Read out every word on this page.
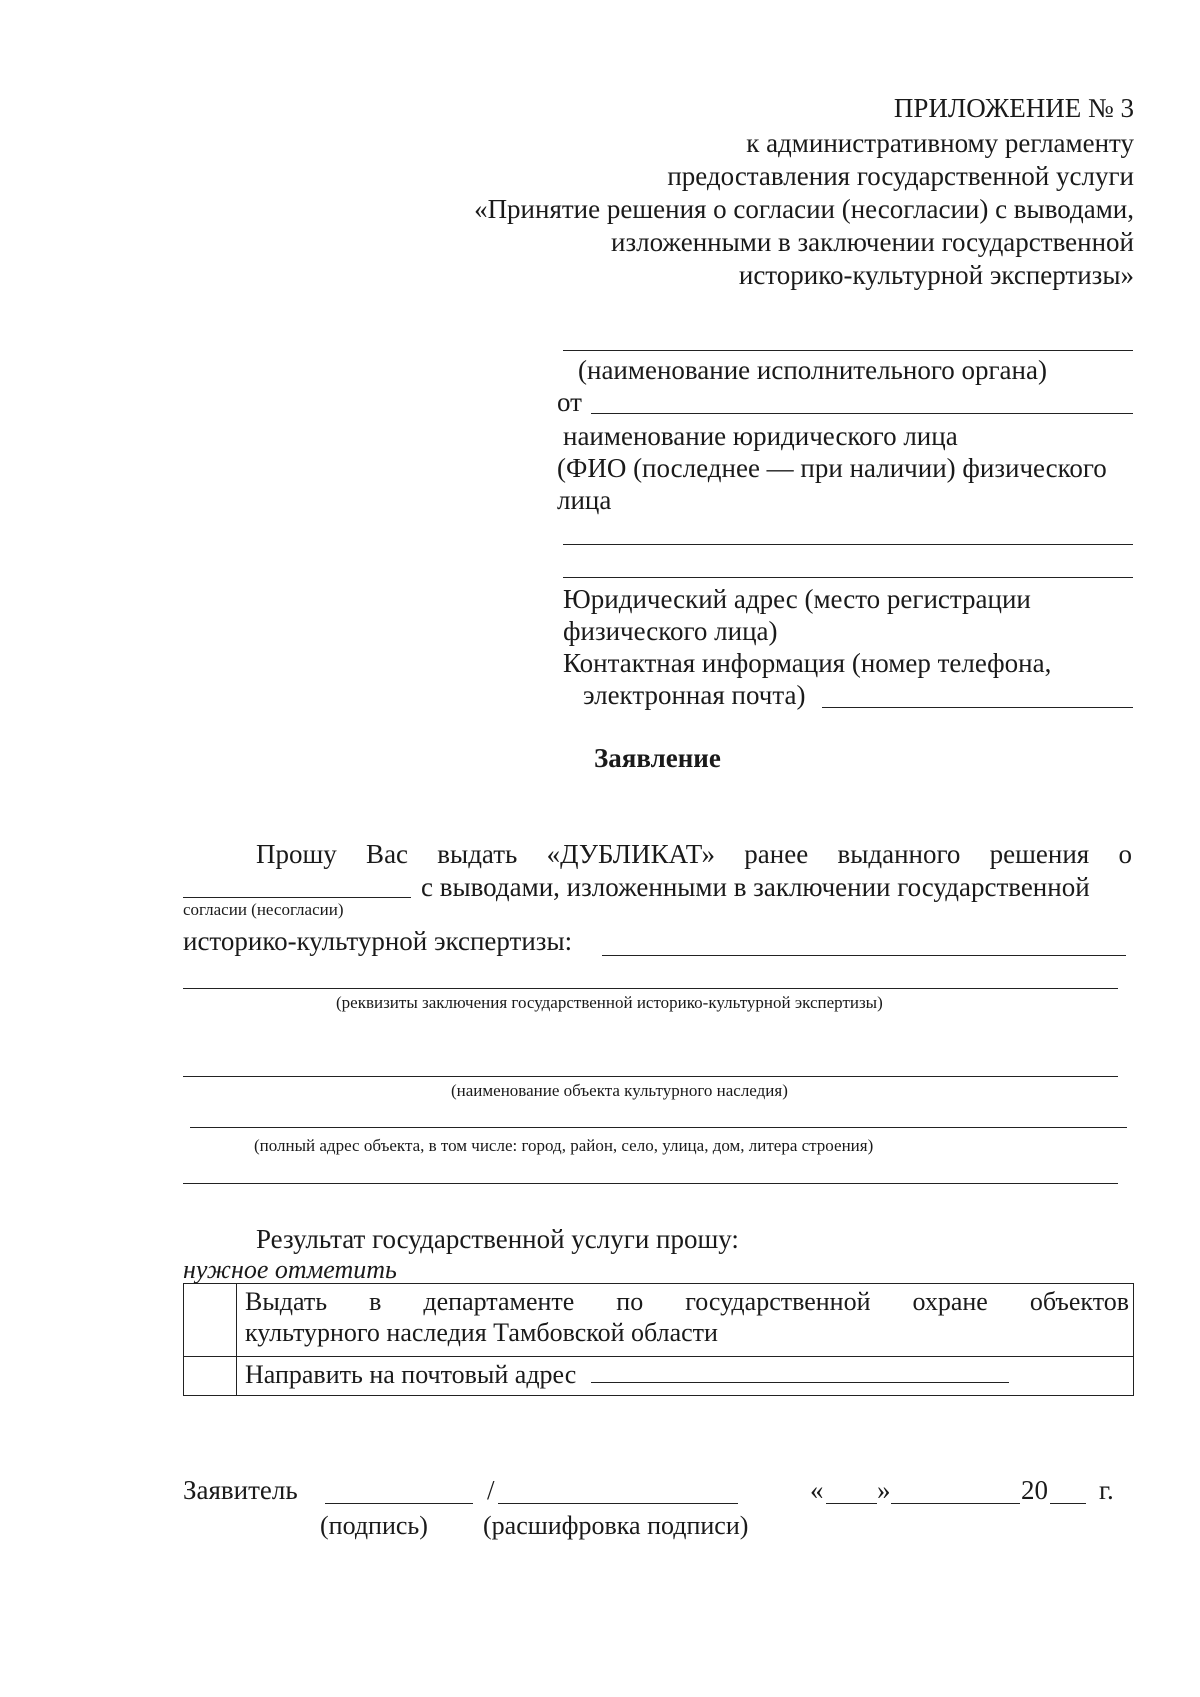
ПРИЛОЖЕНИЕ № 3
к административному регламенту
предоставления государственной услуги
«Принятие решения о согласии (несогласии) с выводами,
изложенными в заключении государственной
историко-культурной экспертизы»
(наименование исполнительного органа)
от
наименование юридического лица
(ФИО (последнее — при наличии) физического
лица
Юридический адрес (место регистрации
физического лица)
Контактная информация (номер телефона,
электронная почта)
Заявление
Прошу Вас выдать «ДУБЛИКАТ» ранее выданного решения о
с выводами, изложенными в заключении государственной
согласии (несогласии)
историко-культурной экспертизы:
(реквизиты заключения государственной историко-культурной экспертизы)
(наименование объекта культурного наследия)
(полный адрес объекта, в том числе: город, район, село, улица, дом, литера строения)
Результат государственной услуги прошу:
нужное отметить

	Выдать в департаменте по государственной охране объектов
культурного наследия Тамбовской области

	Направить на почтовый адрес
Заявитель	/
(подпись) (расшифровка подписи)
« »	20 г.
